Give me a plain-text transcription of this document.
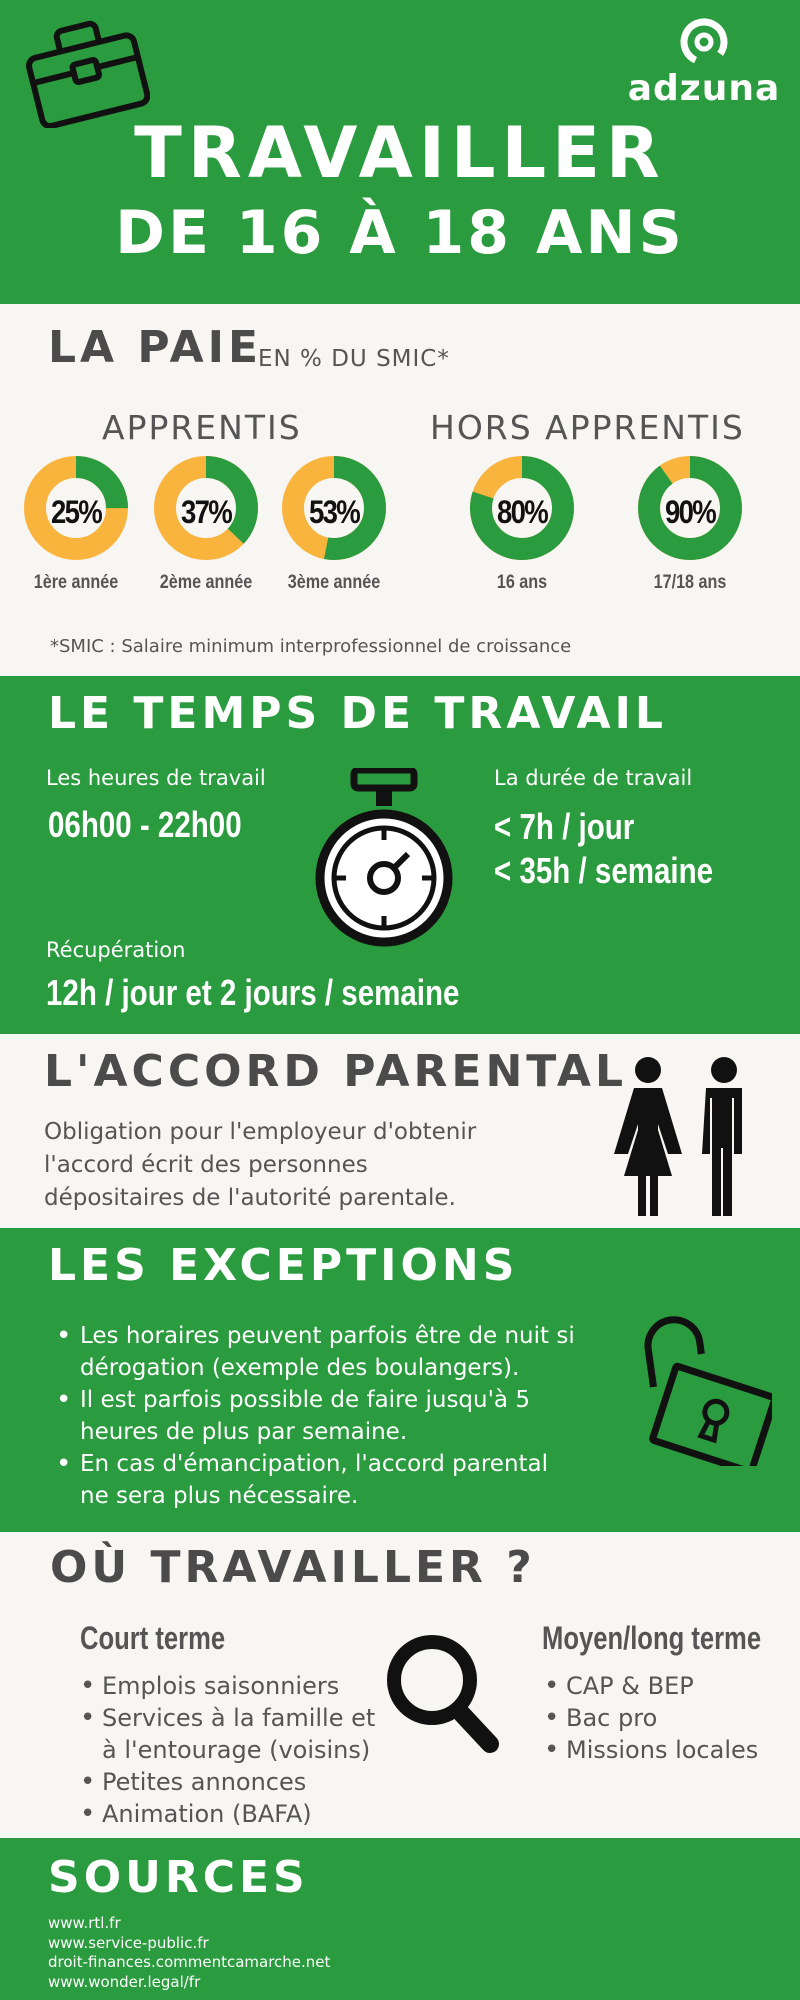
adzuna
TRAVAILLER
DE 16 À 18 ANS
LA PAIE
EN % DU SMIC*
APPRENTIS	HORS APPRENTIS
25%	37%	53%	80%	90%
1ère année	2ème année 3ème année	16 ans	17/18 ans
*SMIC : Salaire minimum interprofessionnel de croissance
LE TEMPS DE TRAVAIL
Les heures de travail
06h00 - 22h00
La durée de travail
< 7h / jour
< 35h / semaine
Récupération
12h / jour et 2 jours / semaine
L'ACCORD PARENTAL
Obligation pour l'employeur d'obtenir
l'accord écrit des personnes
dépositaires de l'autorité parentale.
LES EXCEPTIONS
• Les horaires peuvent parfois être de nuit si
dérogation (exemple des boulangers).
• Il est parfois possible de faire jusqu'à 5
heures de plus par semaine.
• En cas d'émancipation, l'accord parental
ne sera plus nécessaire.
OÙ TRAVAILLER ?
Court terme
• Emplois saisonniers
• Services à la famille et
à l'entourage (voisins)
• Petites annonces
• Animation (BAFA)
Moyen/long terme
• CAP & BEP
• Bac pro
• Missions locales
SOURCES
www.rtl.fr
www.service-public.fr
droit-finances.commentcamarche.net
www.wonder.legal/fr
